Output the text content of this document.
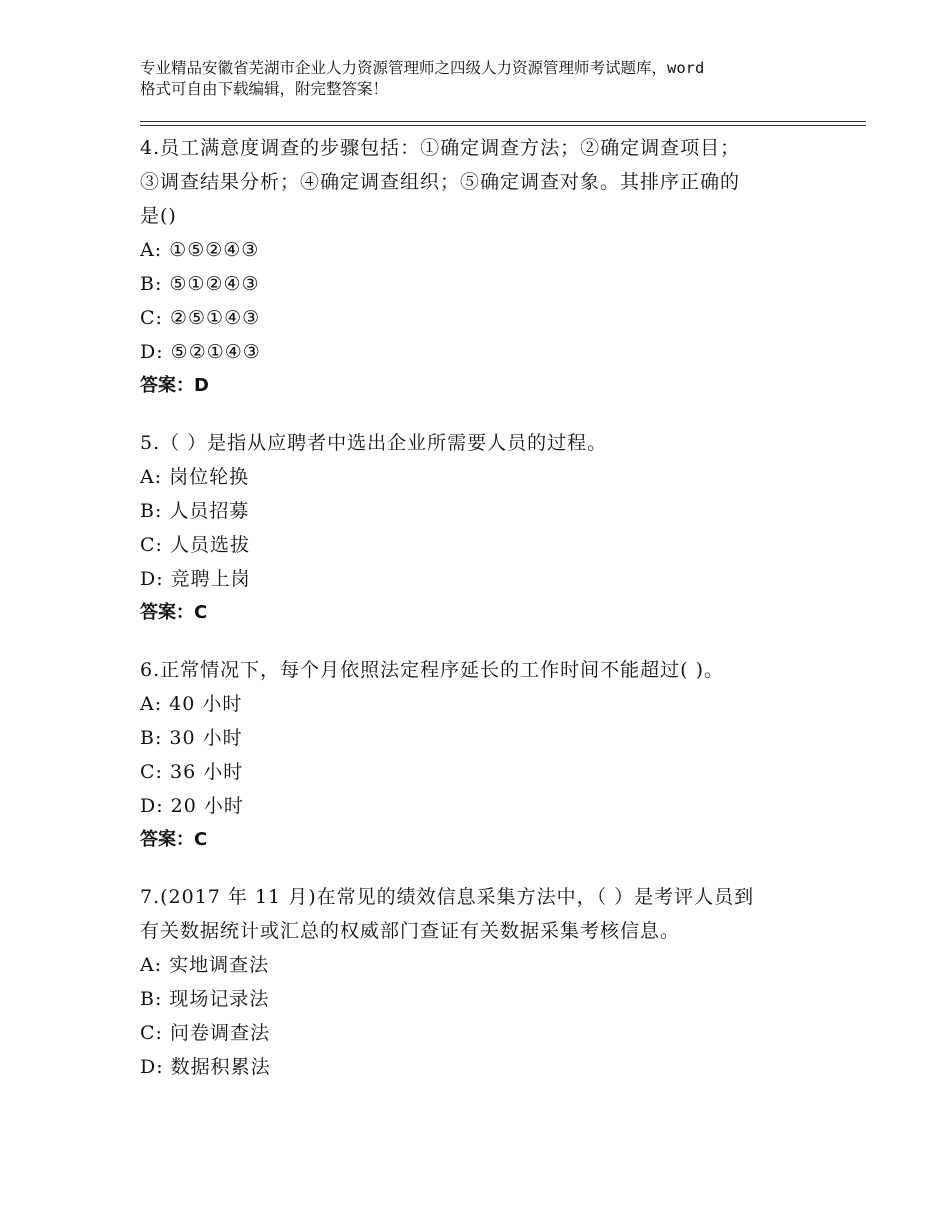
专业精品安徽省芜湖市企业人力资源管理师之四级人力资源管理师考试题库，word
格式可自由下载编辑，附完整答案！
4.员工满意度调查的步骤包括：①确定调查方法；②确定调查项目；
③调查结果分析；④确定调查组织；⑤确定调查对象。其排序正确的
是()
A: ①⑤②④③
B: ⑤①②④③
C: ②⑤①④③
D: ⑤②①④③
答案：D
5.（ ）是指从应聘者中选出企业所需要人员的过程。
A: 岗位轮换
B: 人员招募
C: 人员选拔
D: 竞聘上岗
答案：C
6.正常情况下，每个月依照法定程序延长的工作时间不能超过( )。
A: 40 小时
B: 30 小时
C: 36 小时
D: 20 小时
答案：C
7.(2017 年 11 月)在常见的绩效信息采集方法中，（ ）是考评人员到
有关数据统计或汇总的权威部门查证有关数据采集考核信息。
A: 实地调查法
B: 现场记录法
C: 问卷调查法
D: 数据积累法
